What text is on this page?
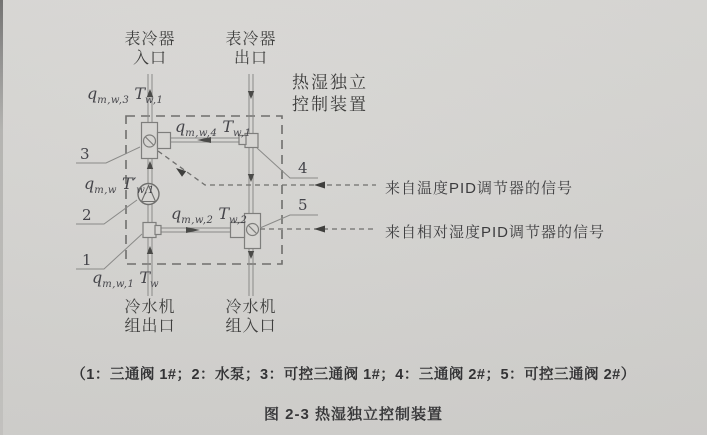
表冷器
入口
表冷器
出口
热湿独立
控制装置
$q_{m,w,3}$ $T_{w,1}$
$q_{m,w,4}$ $T_{w,1}$
$q_{m,w}$ $T'_{w,1}$
$q_{m,w,2}$ $T_{w,2}$
$q_{m,w,1}$ $T_w$
3
2
1
4
5
来自温度PID调节器的信号
来自相对湿度PID调节器的信号
冷水机
组出口
冷水机
组入口
（1：三通阀 1#；2：水泵；3：可控三通阀 1#；4：三通阀 2#；5：可控三通阀 2#）
图 2-3 热湿独立控制装置
